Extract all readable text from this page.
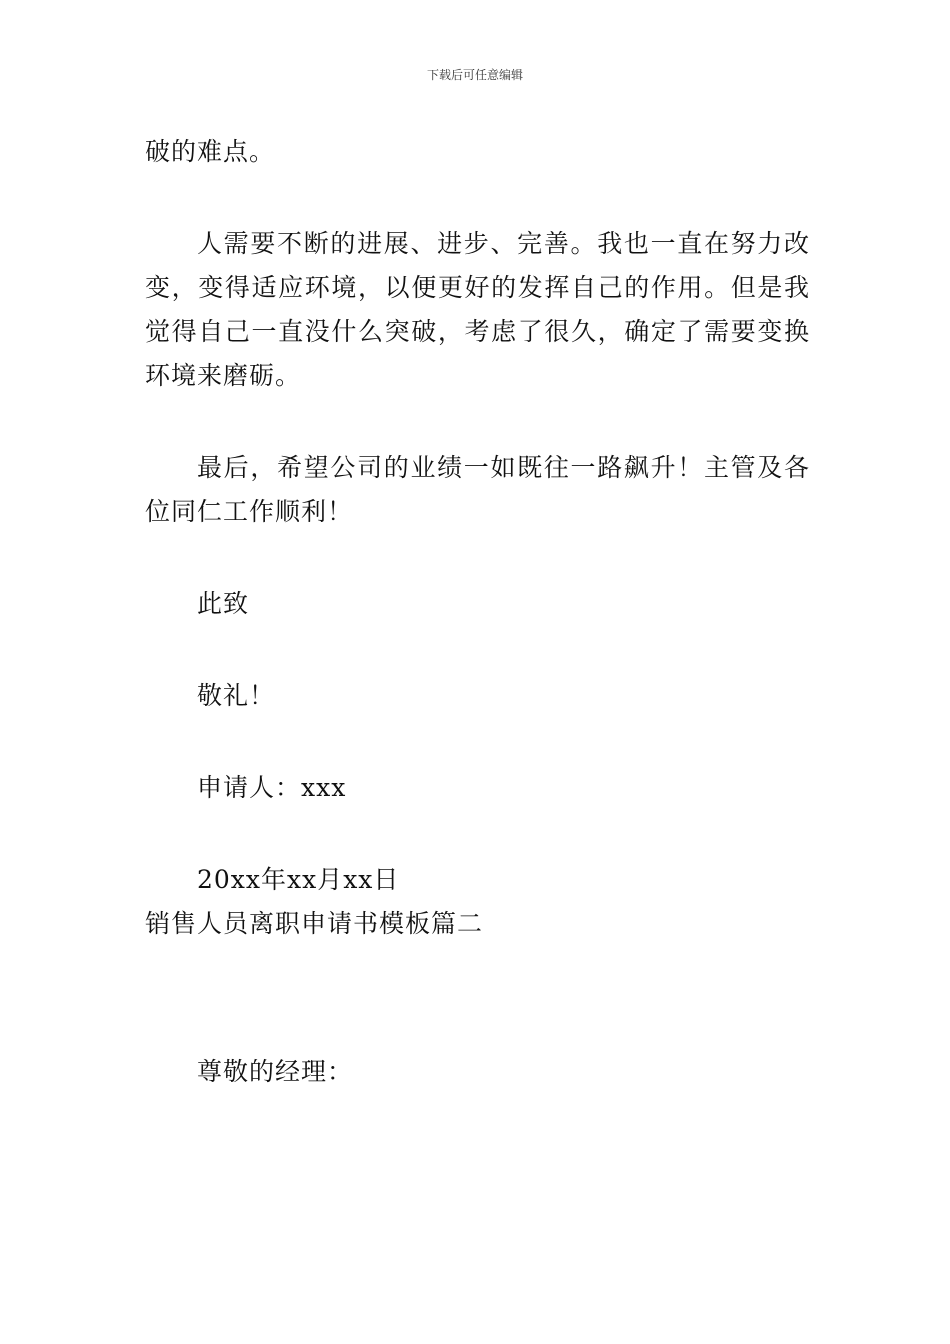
下载后可任意编辑

破的难点。

人需要不断的进展、进步、完善。我也一直在努力改变，变得适应环境，以便更好的发挥自己的作用。但是我觉得自己一直没什么突破，考虑了很久，确定了需要变换环境来磨砺。

最后，希望公司的业绩一如既往一路飙升！主管及各位同仁工作顺利！

此致

敬礼！

申请人：xxx

20xx年xx月xx日

销售人员离职申请书模板篇二

尊敬的经理：
